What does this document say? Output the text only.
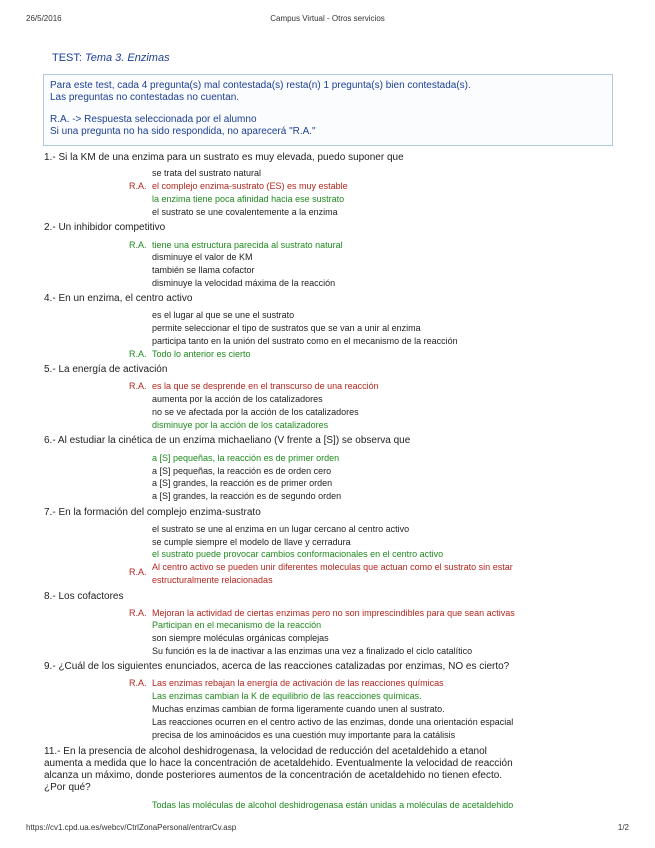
26/5/2016	Campus Virtual - Otros servicios
TEST: Tema 3. Enzimas
Para este test, cada 4 pregunta(s) mal contestada(s) resta(n) 1 pregunta(s) bien contestada(s).
Las preguntas no contestadas no cuentan.
R.A. -> Respuesta seleccionada por el alumno
Si una pregunta no ha sido respondida, no aparecerá "R.A."
1.- Si la KM de una enzima para un sustrato es muy elevada, puedo suponer que
se trata del sustrato natural
R.A. el complejo enzima-sustrato (ES) es muy estable
la enzima tiene poca afinidad hacia ese sustrato
el sustrato se une covalentemente a la enzima
2.- Un inhibidor competitivo
R.A. tiene una estructura parecida al sustrato natural
disminuye el valor de KM
también se llama cofactor
disminuye la velocidad máxima de la reacción
4.- En un enzima, el centro activo
es el lugar al que se une el sustrato
permite seleccionar el tipo de sustratos que se van a unir al enzima
participa tanto en la unión del sustrato como en el mecanismo de la reacción
R.A. Todo lo anterior es cierto
5.- La energía de activación
R.A. es la que se desprende en el transcurso de una reacción
aumenta por la acción de los catalizadores
no se ve afectada por la acción de los catalizadores
disminuye por la acción de los catalizadores
6.- Al estudiar la cinética de un enzima michaeliano (V frente a [S]) se observa que
a [S] pequeñas, la reacción es de primer orden
a [S] pequeñas, la reacción es de orden cero
a [S] grandes, la reacción es de primer orden
a [S] grandes, la reacción es de segundo orden
7.- En la formación del complejo enzima-sustrato
el sustrato se une al enzima en un lugar cercano al centro activo
se cumple siempre el modelo de llave y cerradura
el sustrato puede provocar cambios conformacionales en el centro activo
R.A. Al centro activo se pueden unir diferentes moleculas que actuan como el sustrato sin estar
estructuralmente relacionadas
8.- Los cofactores
R.A. Mejoran la actividad de ciertas enzimas pero no son imprescindibles para que sean activas
Participan en el mecanismo de la reacción
son siempre moléculas orgánicas complejas
Su función es la de inactivar a las enzimas una vez a finalizado el ciclo catalítico
9.- ¿Cuál de los siguientes enunciados, acerca de las reacciones catalizadas por enzimas, NO es cierto?
R.A. Las enzimas rebajan la energía de activación de las reacciones químicas
Las enzimas cambian la K de equilibrio de las reacciones químicas.
Muchas enzimas cambian de forma ligeramente cuando unen al sustrato.
Las reacciones ocurren en el centro activo de las enzimas, donde una orientación espacial
precisa de los aminoácidos es una cuestión muy importante para la catálisis
11.- En la presencia de alcohol deshidrogenasa, la velocidad de reducción del acetaldehido a etanol
aumenta a medida que lo hace la concentración de acetaldehido. Eventualmente la velocidad de reacción
alcanza un máximo, donde posteriores aumentos de la concentración de acetaldehido no tienen efecto.
¿Por qué?
Todas las moléculas de alcohol deshidrogenasa están unidas a moléculas de acetaldehido
https://cv1.cpd.ua.es/webcv/CtrlZonaPersonal/entrarCv.asp	1/2
